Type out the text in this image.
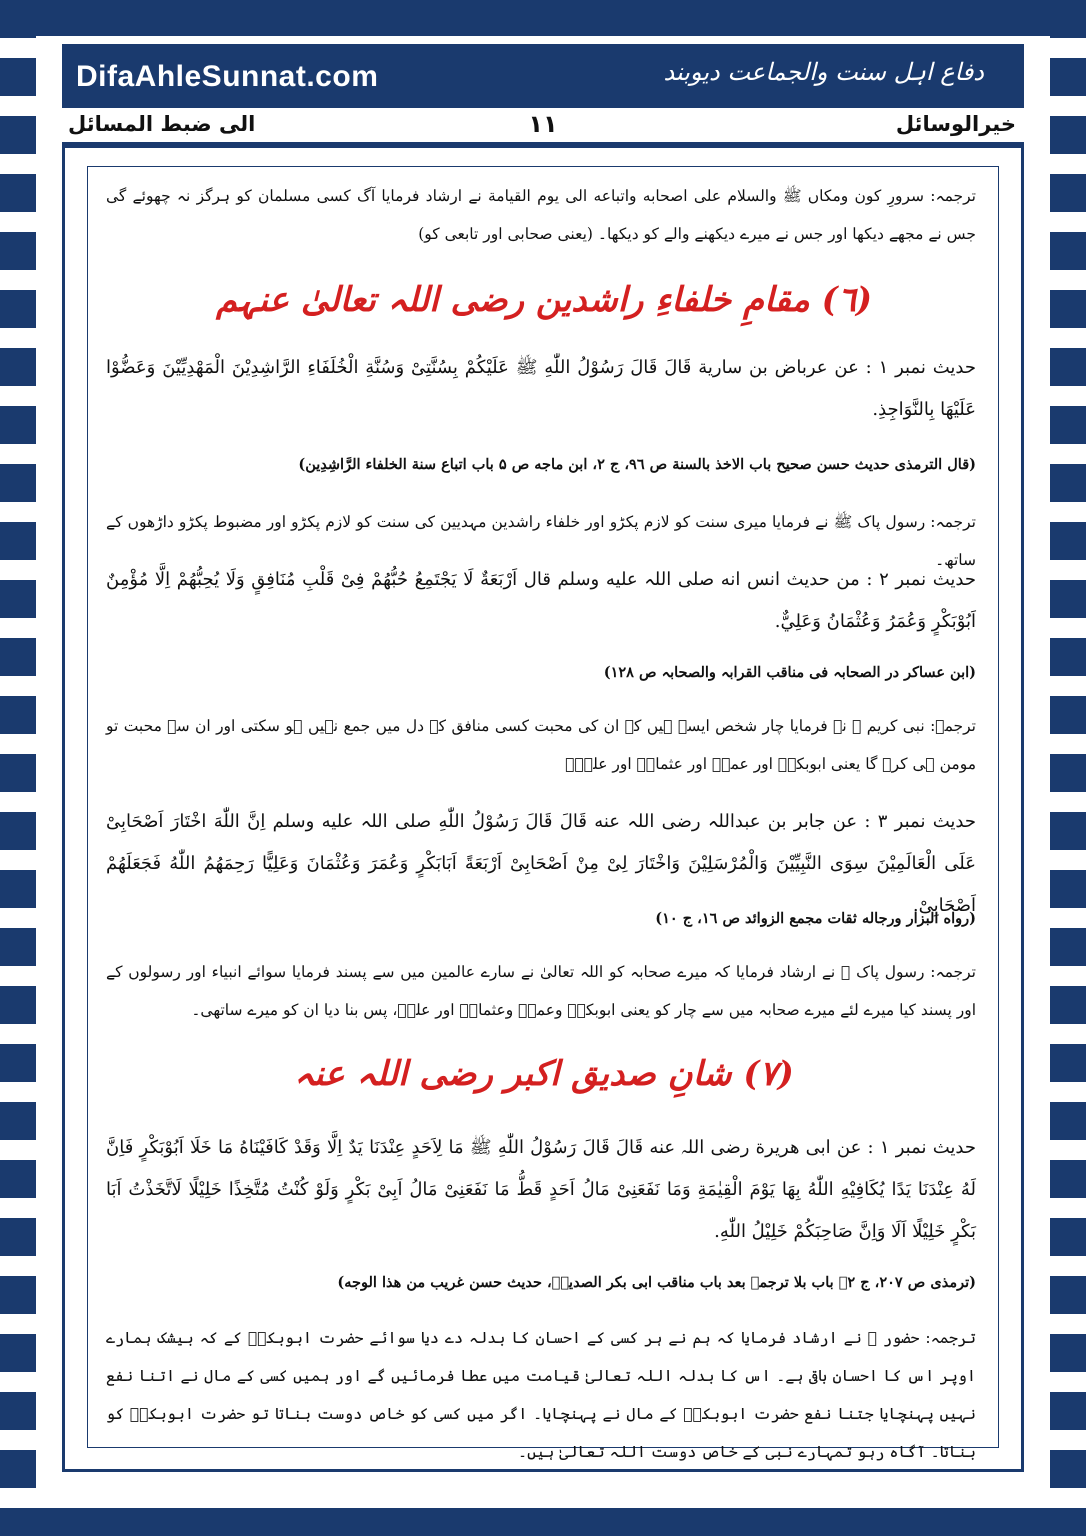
DifaAhleSunnat.com	دفاع اہل سنت والجماعت دیوبند
الی ضبط المسائل	١١	خیرالوسائل
ترجمہ: سرورِ کون ومکاں ﷺ والسلام علی اصحابه واتباعه الی یوم القیامة نے ارشاد فرمایا آگ کسی مسلمان کو ہرگز نہ چھوئے گی جس نے مجھے دیکھا اور جس نے میرے دیکھنے والے کو دیکھا۔ (یعنی صحابی اور تابعی کو)
(٦) مقامِ خلفاءِ راشدین رضی اللہ تعالیٰ عنہم
حدیث نمبر ۱ : عن عرباض بن سارية قَالَ قَالَ رَسُوْلُ اللّٰهِ ﷺ عَلَيْكُمْ بِسُنَّتِىْ وَسُنَّةِ الْخُلَفَاءِ الرَّاشِدِيْنَ الْمَهْدِيِّيْنَ وَعَضُّوْا عَلَيْهَا بِالنَّوَاجِذِ.
(قال الترمذی حدیث حسن صحیح باب الاخذ بالسنة ص ٩٦، ج ٢، ابن ماجه ص ۵ باب اتباع سنة الخلفاء الرَّاشِدِين)
ترجمہ: رسول پاک ﷺ نے فرمایا میری سنت کو لازم پکڑو اور خلفاء راشدین مہدیین کی سنت کو لازم پکڑو اور مضبوط پکڑو داڑھوں کے ساتھ۔
حدیث نمبر ۲ : من حدیث انس انه صلی اللہ علیه وسلم قال اَرْبَعَةٌ لَا يَجْتَمِعُ حُبُّهُمْ فِىْ قَلْبِ مُنَافِقٍ وَلَا يُحِبُّهُمْ اِلَّا مُؤْمِنٌ اَبُوْبَكْرٍ وَعُمَرُ وَعُثْمَانُ وَعَلِيٌّ.
(ابن عساکر در الصحابہ فی مناقب القرابہ والصحابہ ص ۱۲۸)
ترجمہ: نبی کریم ﷺ نے فرمایا چار شخص ایسے ہیں کہ ان کی محبت کسی منافق کے دل میں جمع نہیں ہو سکتی اور ان سے محبت تو مومن ہی کرے گا یعنی ابوبکرؓ اور عمرؓ اور عثمانؓ اور علیؓ۔
حدیث نمبر ۳ : عن جابر بن عبداللہ رضی اللہ عنه قَالَ قَالَ رَسُوْلُ اللّٰهِ صلی اللہ علیه وسلم اِنَّ اللّٰهَ اخْتَارَ اَصْحَابِىْ عَلَى الْعَالَمِيْنَ سِوَى النَّبِيِّيْنَ وَالْمُرْسَلِيْنَ وَاخْتَارَ لِىْ مِنْ اَصْحَابِىْ اَرْبَعَةً اَبَابَكْرٍ وَعُمَرَ وَعُثْمَانَ وَعَلِيًّا رَحِمَهُمُ اللّٰهُ فَجَعَلَهُمْ اَصْحَابِىْ.
(رواه البزار ورجاله ثقات مجمع الزوائد ص ١٦، ج ١٠)
ترجمہ: رسول پاک ﷺ نے ارشاد فرمایا کہ میرے صحابہ کو اللہ تعالیٰ نے سارے عالمین میں سے پسند فرمایا سوائے انبیاء اور رسولوں کے اور پسند کیا میرے لئے میرے صحابہ میں سے چار کو یعنی ابوبکرؓ وعمرؓ وعثمانؓ اور علیؓ، پس بنا دیا ان کو میرے ساتھی۔
(٧) شانِ صدیق اکبر رضی اللہ عنہ
حدیث نمبر ۱ : عن ابی هريرة رضی اللہ عنه قَالَ قَالَ رَسُوْلُ اللّٰهِ ﷺ مَا لِاَحَدٍ عِنْدَنَا يَدٌ اِلَّا وَقَدْ كَافَيْنَاهُ مَا خَلَا اَبُوْبَكْرٍ فَاِنَّ لَهُ عِنْدَنَا يَدًا يُكَافِيْهِ اللّٰهُ بِهَا يَوْمَ الْقِيٰمَةِ وَمَا نَفَعَنِىْ مَالُ اَحَدٍ قَطُّ مَا نَفَعَنِىْ مَالُ اَبِىْ بَكْرٍ وَلَوْ كُنْتُ مُتَّخِذًا خَلِيْلًا لَاتَّخَذْتُ اَبَا بَكْرٍ خَلِيْلًا اَلَا وَاِنَّ صَاحِبَكُمْ خَلِيْلُ اللّٰهِ.
(ترمذی ص ٢٠٧، ج ٢۔ باب بلا ترجمہ بعد باب مناقب ابی بکر الصدیقؓ، حدیث حسن غريب من هذا الوجه)
ترجمہ: حضور ﷺ نے ارشاد فرمایا کہ ہم نے ہر کسی کے احسان کا بدلہ دے دیا سوائے حضرت ابوبکرؓ کے کہ بیشک ہمارے اوپر اس کا احسان باقی ہے۔ اس کا بدلہ اللہ تعالیٰ قیامت میں عطا فرمائیں گے اور ہمیں کسی کے مال نے اتنا نفع نہیں پہنچایا جتنا نفع حضرت ابوبکرؓ کے مال نے پہنچایا۔ اگر میں کسی کو خاص دوست بناتا تو حضرت ابوبکرؓ کو بناتا۔ آگاہ رہو تمہارے نبی کے خاص دوست اللہ تعالیٰ ہیں۔
